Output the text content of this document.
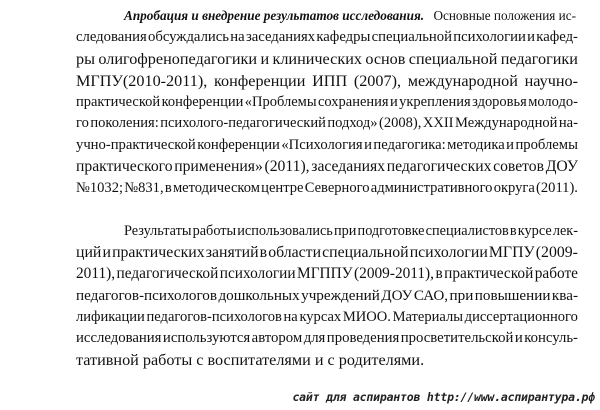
Апробация и внедрение результатов исследования. Основные положения ис-
следования обсуждались на заседаниях кафедры специальной психологии и кафед-
ры олигофренопедагогики и клинических основ специальной педагогики
МГПУ(2010-2011), конференции ИПП (2007), международной научно-
практической конференции «Проблемы сохранения и укрепления здоровья молодо-
го поколения: психолого-педагогический подход» (2008), XXII Международной на-
учно-практической конференции «Психология и педагогика: методика и проблемы
практического применения» (2011), заседаниях педагогических советов ДОУ
№1032; №831, в методическом центре Северного административного округа (2011).
Результаты работы использовались при подготовке специалистов в курсе лек-
ций и практических занятий в области специальной психологии МГПУ (2009-
2011), педагогической психологии МГППУ (2009-2011), в практической работе
педагогов-психологов дошкольных учреждений ДОУ САО, при повышении ква-
лификации педагогов-психологов на курсах МИОО. Материалы диссертационного
исследования используются автором для проведения просветительской и консуль-
тативной работы с воспитателями и с родителями.
сайт для аспирантов http://www.аспирантура.рф
